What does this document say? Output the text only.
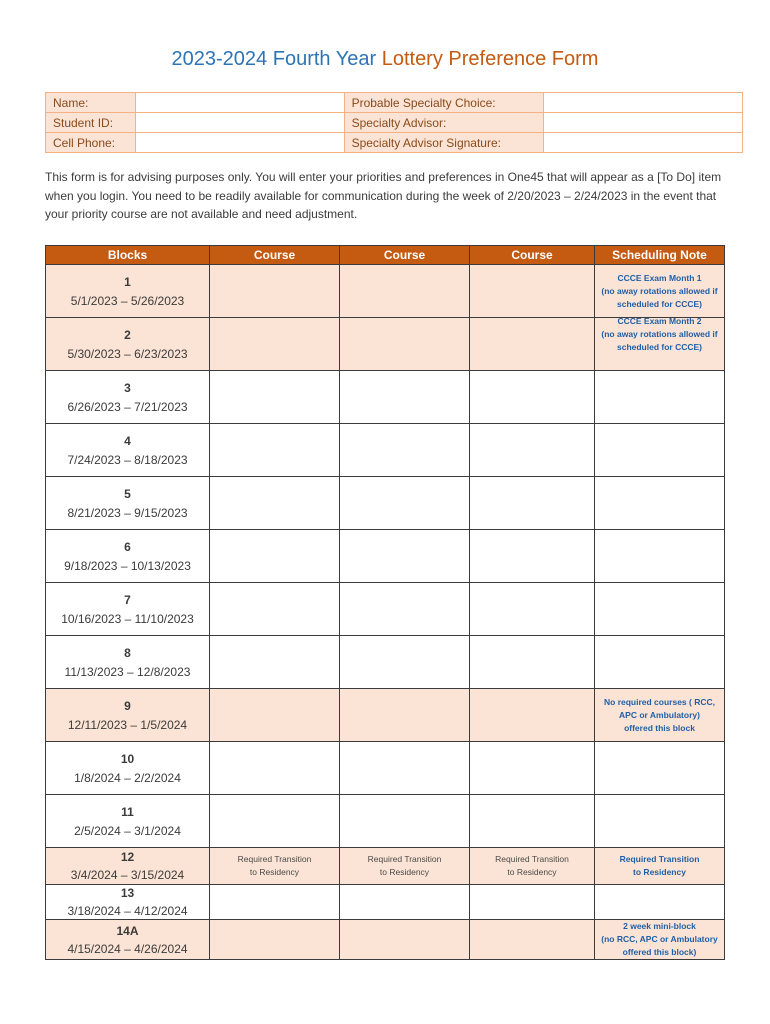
2023-2024 Fourth Year Lottery Preference Form
Name:		Probable Specialty Choice:	
Student ID:		Specialty Advisor:	
Cell Phone:		Specialty Advisor Signature:	
This form is for advising purposes only. You will enter your priorities and preferences in One45 that will appear as a [To Do] item when you login. You need to be readily available for communication during the week of 2/20/2023 – 2/24/2023 in the event that your priority course are not available and need adjustment.
Blocks	Course	Course	Course	Scheduling Note

1
5/1/2023 – 5/26/2023				CCCE Exam Month 1
(no away rotations allowed if
scheduled for CCCE)

2
5/30/2023 – 6/23/2023				CCCE Exam Month 2
(no away rotations allowed if
scheduled for CCCE)

3
6/26/2023 – 7/21/2023				

4
7/24/2023 – 8/18/2023				

5
8/21/2023 – 9/15/2023				

6
9/18/2023 – 10/13/2023				

7
10/16/2023 – 11/10/2023				

8
11/13/2023 – 12/8/2023				

9
12/11/2023 – 1/5/2024				No required courses ( RCC,
APC or Ambulatory)
offered this block

10
1/8/2024 – 2/2/2024				

11
2/5/2024 – 3/1/2024				

12
3/4/2024 – 3/15/2024	Required Transition
to Residency	Required Transition
to Residency	Required Transition
to Residency	Required Transition
to Residency

13
3/18/2024 – 4/12/2024				

14A
4/15/2024 – 4/26/2024				2 week mini-block
(no RCC, APC or Ambulatory
offered this block)
